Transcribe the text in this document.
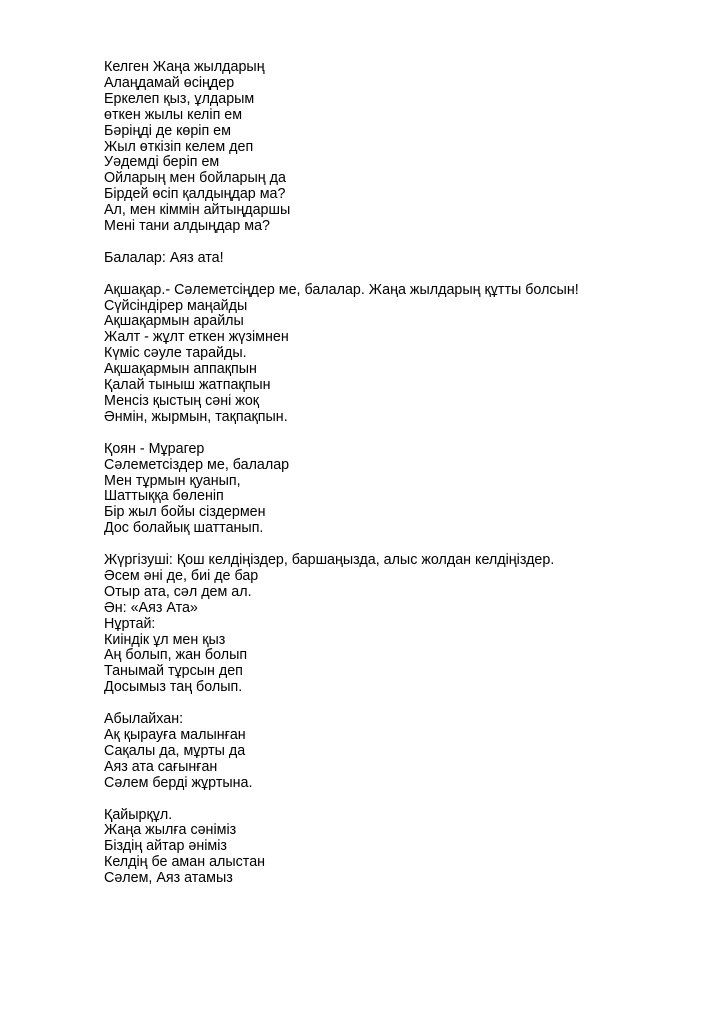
Келген Жаңа жылдарың
Алаңдамай өсіңдер
Еркелеп қыз, ұлдарым
өткен жылы келіп ем
Бәріңді де көріп ем
Жыл өткізіп келем деп
Уәдемді беріп ем
Ойларың мен бойларың да
Бірдей өсіп қалдыңдар ма?
Ал, мен кіммін айтыңдаршы
Мені тани алдыңдар ма?
Балалар: Аяз ата!
Ақшақар.- Сәлеметсіңдер ме, балалар. Жаңа жылдарың құтты болсын!
Сүйсіндірер маңайды
Ақшақармын арайлы
Жалт - жұлт еткен жүзімнен
Күміс сәуле тарайды.
Ақшақармын аппақпын
Қалай тыныш жатпақпын
Менсіз қыстың сәні жоқ
Әнмін, жырмын, тақпақпын.
Қоян - Мұрагер
Сәлеметсіздер ме, балалар
Мен тұрмын қуанып,
Шаттыққа бөленіп
Бір жыл бойы сіздермен
Дос болайық шаттанып.
Жүргізуші: Қош келдіңіздер, баршаңызда, алыс жолдан келдіңіздер.
Әсем әні де, биі де бар
Отыр ата, сәл дем ал.
Ән: «Аяз Ата»
Нұртай:
Киіндік ұл мен қыз
Аң болып, жан болып
Танымай тұрсын деп
Досымыз таң болып.
Абылайхан:
Ақ қырауға малынған
Сақалы да, мұрты да
Аяз ата сағынған
Сәлем берді жұртына.
Қайырқұл.
Жаңа жылға сәніміз
Біздің айтар әніміз
Келдің бе аман алыстан
Сәлем, Аяз атамыз
